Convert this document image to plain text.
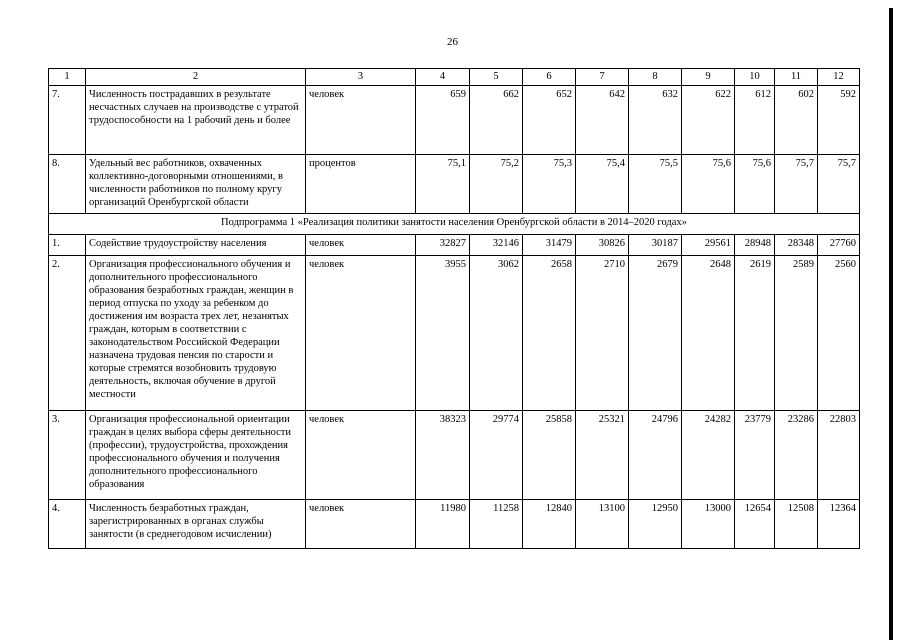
26
1	2	3	4	5	6	7	8	9	10	11	12
7.	Численность пострадавших в результате несчастных случаев на производстве с утратой трудоспособности на 1 рабочий день и более	человек	659	662	652	642	632	622	612	602	592
8.	Удельный вес работников, охваченных коллективно-договорными отношениями, в численности работников по полному кругу организаций Оренбургской области	процентов	75,1	75,2	75,3	75,4	75,5	75,6	75,6	75,7	75,7
Подпрограмма 1 «Реализация политики занятости населения Оренбургской области в 2014–2020 годах»											
1.	Содействие трудоустройству населения	человек	32827	32146	31479	30826	30187	29561	28948	28348	27760
2.	Организация профессионального обучения и дополнительного профессионального образования безработных граждан, женщин в период отпуска по уходу за ребенком до достижения им возраста трех лет, незанятых граждан, которым в соответствии с законодательством Российской Федерации назначена трудовая пенсия по старости и которые стремятся возобновить трудовую деятельность, включая обучение в другой местности	человек	3955	3062	2658	2710	2679	2648	2619	2589	2560
3.	Организация профессиональной ориентации граждан в целях выбора сферы деятельности (профессии), трудоустройства, прохождения профессионального обучения и получения дополнительного профессионального образования	человек	38323	29774	25858	25321	24796	24282	23779	23286	22803
4.	Численность безработных граждан, зарегистрированных в органах службы занятости (в среднегодовом исчислении)	человек	11980	11258	12840	13100	12950	13000	12654	12508	12364
